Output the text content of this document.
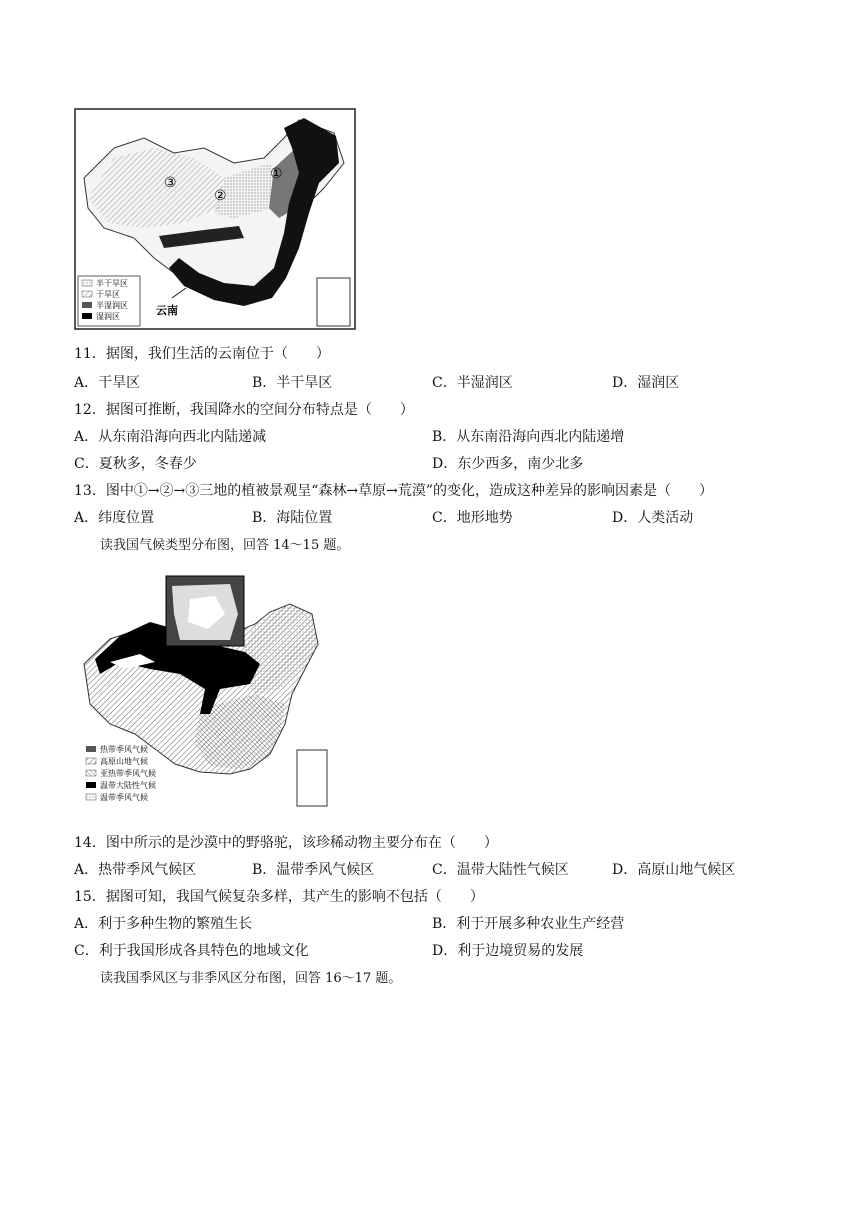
半干旱区
干旱区
半湿润区
湿润区
③
②
①
云南
11．据图，我们生活的云南位于（　　）
A．干旱区	B．半干旱区	C．半湿润区	D．湿润区
12．据图可推断，我国降水的空间分布特点是（　　）
A．从东南沿海向西北内陆递减	B．从东南沿海向西北内陆递增
C．夏秋多，冬春少	D．东少西多，南少北多
13．图中①→②→③三地的植被景观呈“森林→草原→荒漠”的变化，造成这种差异的影响因素是（　　）
A．纬度位置	B．海陆位置	C．地形地势	D．人类活动
读我国气候类型分布图，回答 14～15 题。
热带季风气候
高原山地气候
亚热带季风气候
温带大陆性气候
温带季风气候
14．图中所示的是沙漠中的野骆驼，该珍稀动物主要分布在（　　）
A．热带季风气候区	B．温带季风气候区	C．温带大陆性气候区	D．高原山地气候区
15．据图可知，我国气候复杂多样，其产生的影响不包括（　　）
A．利于多种生物的繁殖生长	B．利于开展多种农业生产经营
C．利于我国形成各具特色的地域文化	D．利于边境贸易的发展
读我国季风区与非季风区分布图，回答 16～17 题。
